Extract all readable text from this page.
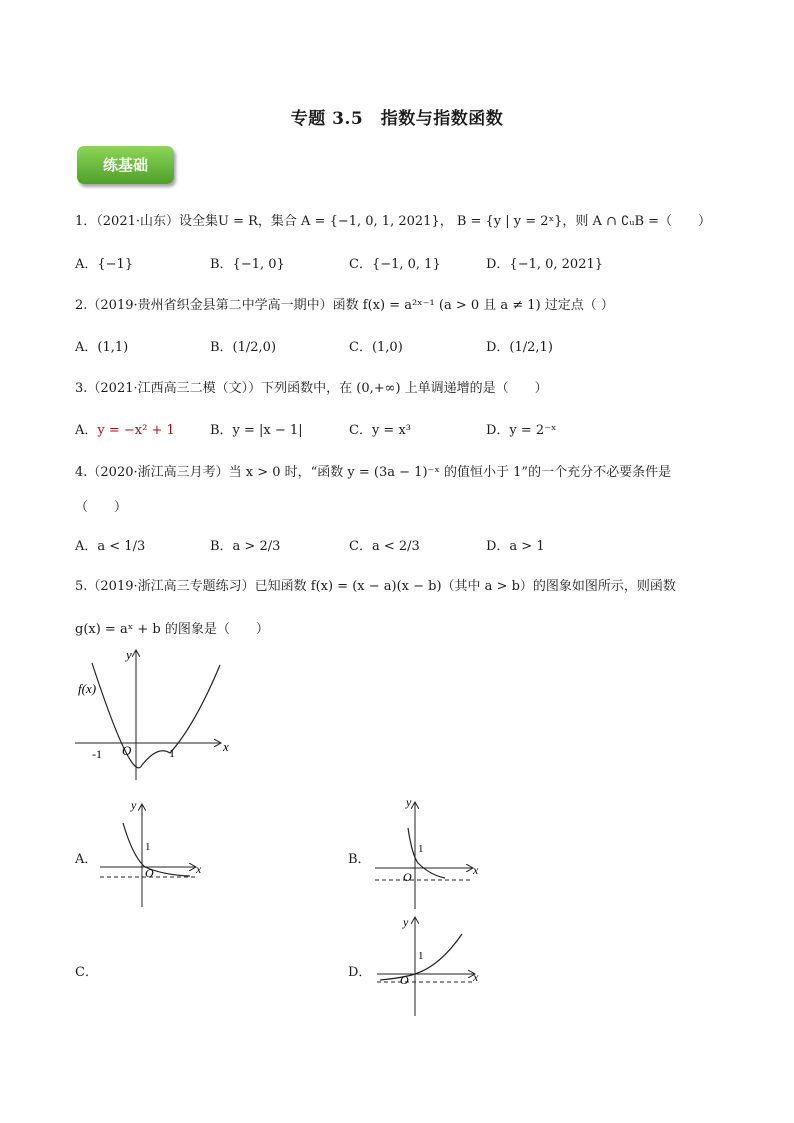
专题 3.5　指数与指数函数
练基础
1．（2021·山东）设全集U = R，集合 A = {−1, 0, 1, 2021}， B = {y | y = 2ˣ}，则 A ∩ ∁ᵤB =（　　）
A．{−1}	B．{−1, 0}	C．{−1, 0, 1}	D．{−1, 0, 2021}
2.（2019·贵州省织金县第二中学高一期中）函数 f(x) = a²ˣ⁻¹ (a > 0 且 a ≠ 1) 过定点（ ）
A．(1,1)	B．(1/2,0)	C．(1,0)	D．(1/2,1)
3.（2021·江西高三二模（文））下列函数中，在 (0,+∞) 上单调递增的是（　　）
A．y = −x² + 1	B．y = |x − 1|	C．y = x³	D．y = 2⁻ˣ
4.（2020·浙江高三月考）当 x > 0 时，“函数 y = (3a − 1)⁻ˣ 的值恒小于 1”的一个充分不必要条件是
（　　）
A．a < 1/3	B．a > 2/3	C．a < 2/3	D．a > 1
5.（2019·浙江高三专题练习）已知函数 f(x) = (x − a)(x − b)（其中 a > b）的图象如图所示，则函数
g(x) = aˣ + b 的图象是（　　）
y
x
f(x)
O
-1	1
A．
y
x
1
O
B．
y
x
1
O
C．	D．
y
x
1
O
